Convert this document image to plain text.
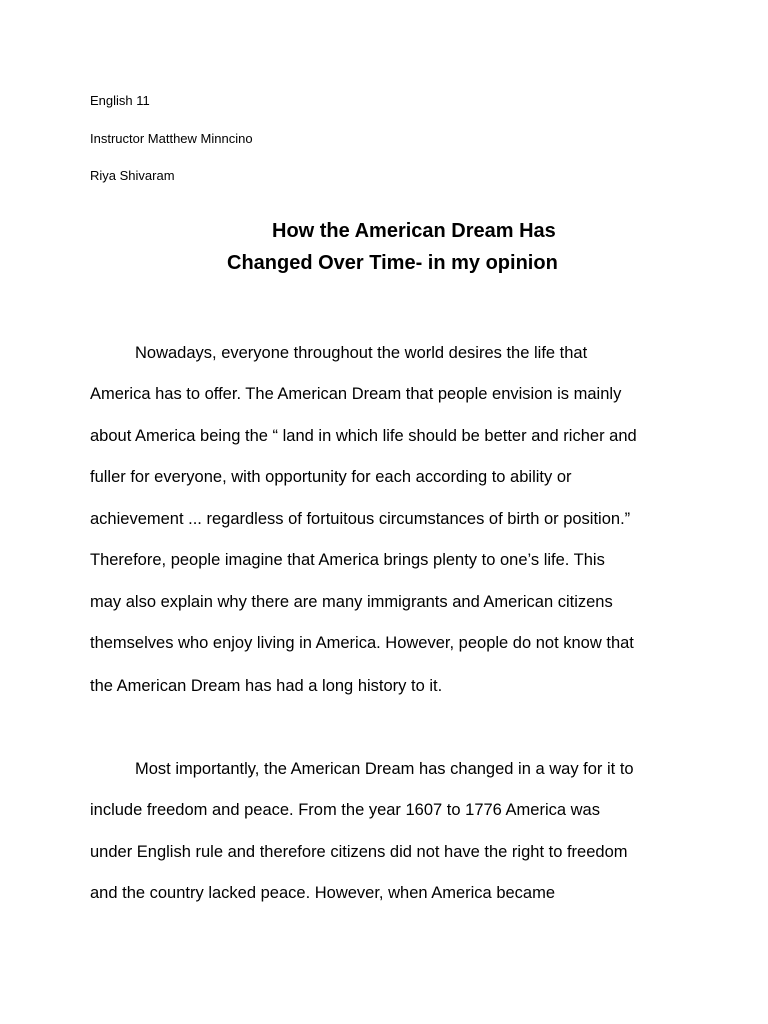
English 11
Instructor Matthew Minncino
Riya Shivaram
How the American Dream Has
Changed Over Time- in my opinion
Nowadays, everyone throughout the world desires the life that
America has to offer. The American Dream that people envision is mainly
about America being the “ land in which life should be better and richer and
fuller for everyone, with opportunity for each according to ability or
achievement ... regardless of fortuitous circumstances of birth or position.”
Therefore, people imagine that America brings plenty to one’s life. This
may also explain why there are many immigrants and American citizens
themselves who enjoy living in America. However, people do not know that
the American Dream has had a long history to it.
Most importantly, the American Dream has changed in a way for it to
include freedom and peace. From the year 1607 to 1776 America was
under English rule and therefore citizens did not have the right to freedom
and the country lacked peace. However, when America became
